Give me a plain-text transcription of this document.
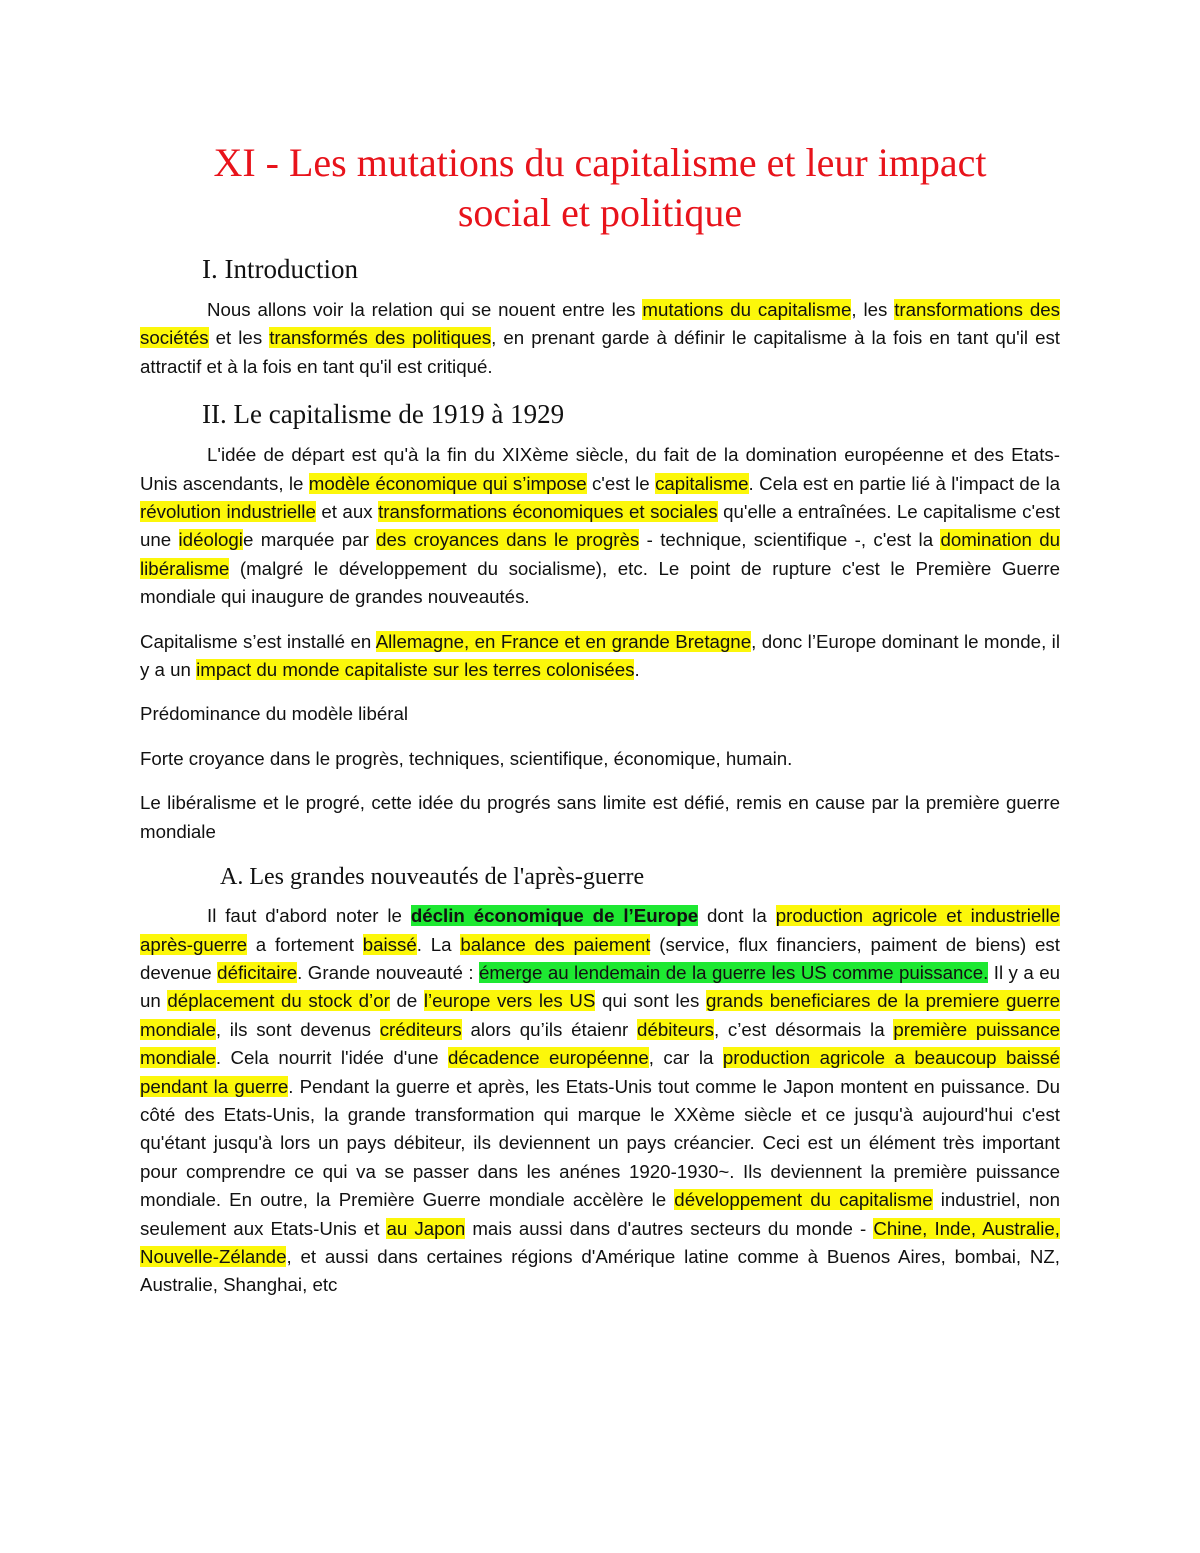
XI - Les mutations du capitalisme et leur impact
social et politique
I. Introduction

Nous allons voir la relation qui se nouent entre les mutations du capitalisme, les transformations des sociétés et les transformés des politiques, en prenant garde à définir le capitalisme à la fois en tant qu'il est attractif et à la fois en tant qu'il est critiqué.

II. Le capitalisme de 1919 à 1929

L'idée de départ est qu'à la fin du XIXème siècle, du fait de la domination européenne et des Etats-Unis ascendants, le modèle économique qui s’impose c'est le capitalisme. Cela est en partie lié à l'impact de la révolution industrielle et aux transformations économiques et sociales qu'elle a entraînées. Le capitalisme c'est une idéologie marquée par des croyances dans le progrès - technique, scientifique -, c'est la domination du libéralisme (malgré le développement du socialisme), etc. Le point de rupture c'est le Première Guerre mondiale qui inaugure de grandes nouveautés.

Capitalisme s’est installé en Allemagne, en France et en grande Bretagne, donc l’Europe dominant le monde, il y a un impact du monde capitaliste sur les terres colonisées.

Prédominance du modèle libéral

Forte croyance dans le progrès, techniques, scientifique, économique, humain.

Le libéralisme et le progré, cette idée du progrés sans limite est défié, remis en cause par la première guerre mondiale

A. Les grandes nouveautés de l'après-guerre

Il faut d'abord noter le déclin économique de l’Europe dont la production agricole et industrielle après-guerre a fortement baissé. La balance des paiement (service, flux financiers, paiment de biens) est devenue déficitaire. Grande nouveauté : émerge au lendemain de la guerre les US comme puissance. Il y a eu un déplacement du stock d’or de l’europe vers les US qui sont les grands beneficiares de la premiere guerre mondiale, ils sont devenus créditeurs alors qu’ils étaienr débiteurs, c’est désormais la première puissance mondiale. Cela nourrit l'idée d'une décadence européenne, car la production agricole a beaucoup baissé pendant la guerre. Pendant la guerre et après, les Etats-Unis tout comme le Japon montent en puissance. Du côté des Etats-Unis, la grande transformation qui marque le XXème siècle et ce jusqu'à aujourd'hui c'est qu'étant jusqu'à lors un pays débiteur, ils deviennent un pays créancier. Ceci est un élément très important pour comprendre ce qui va se passer dans les anénes 1920-1930~. Ils deviennent la première puissance mondiale. En outre, la Première Guerre mondiale accèlère le développement du capitalisme industriel, non seulement aux Etats-Unis et au Japon mais aussi dans d'autres secteurs du monde - Chine, Inde, Australie, Nouvelle-Zélande, et aussi dans certaines régions d'Amérique latine comme à Buenos Aires, bombai, NZ, Australie, Shanghai, etc
